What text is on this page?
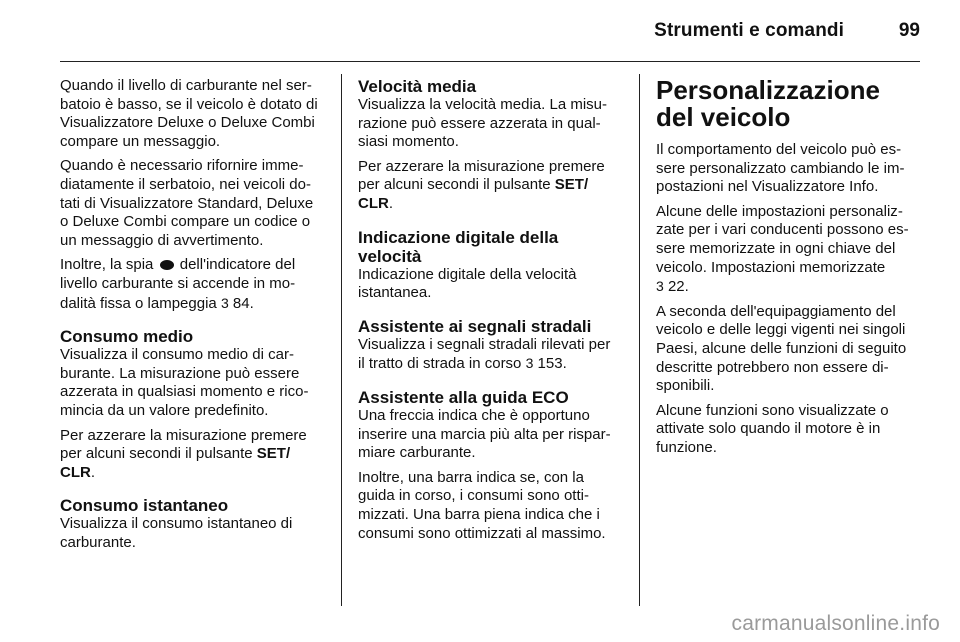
Strumenti e comandi	99

Quando il livello di carburante nel serbatoio è basso, se il veicolo è dotato di Visualizzatore Deluxe o Deluxe Combi compare un messaggio.

Quando è necessario rifornire immediatamente il serbatoio, nei veicoli dotati di Visualizzatore Standard, Deluxe o Deluxe Combi compare un codice o un messaggio di avvertimento.

Inoltre, la spia dell'indicatore del livello carburante si accende in modalità fissa o lampeggia 3 84.

Consumo medio

Visualizza il consumo medio di carburante. La misurazione può essere azzerata in qualsiasi momento e ricomincia da un valore predefinito.

Per azzerare la misurazione premere per alcuni secondi il pulsante SET/ CLR.

Consumo istantaneo

Visualizza il consumo istantaneo di carburante.

Velocità media

Visualizza la velocità media. La misurazione può essere azzerata in qualsiasi momento.

Per azzerare la misurazione premere per alcuni secondi il pulsante SET/ CLR.

Indicazione digitale della velocità

Indicazione digitale della velocità istantanea.

Assistente ai segnali stradali

Visualizza i segnali stradali rilevati per il tratto di strada in corso 3 153.

Assistente alla guida ECO

Una freccia indica che è opportuno inserire una marcia più alta per risparmiare carburante.

Inoltre, una barra indica se, con la guida in corso, i consumi sono ottimizzati. Una barra piena indica che i consumi sono ottimizzati al massimo.

Personalizzazione del veicolo

Il comportamento del veicolo può essere personalizzato cambiando le impostazioni nel Visualizzatore Info.

Alcune delle impostazioni personalizzate per i vari conducenti possono essere memorizzate in ogni chiave del veicolo. Impostazioni memorizzate
3 22.

A seconda dell'equipaggiamento del veicolo e delle leggi vigenti nei singoli Paesi, alcune delle funzioni di seguito descritte potrebbero non essere disponibili.

Alcune funzioni sono visualizzate o attivate solo quando il motore è in funzione.

carmanualsonline.info
